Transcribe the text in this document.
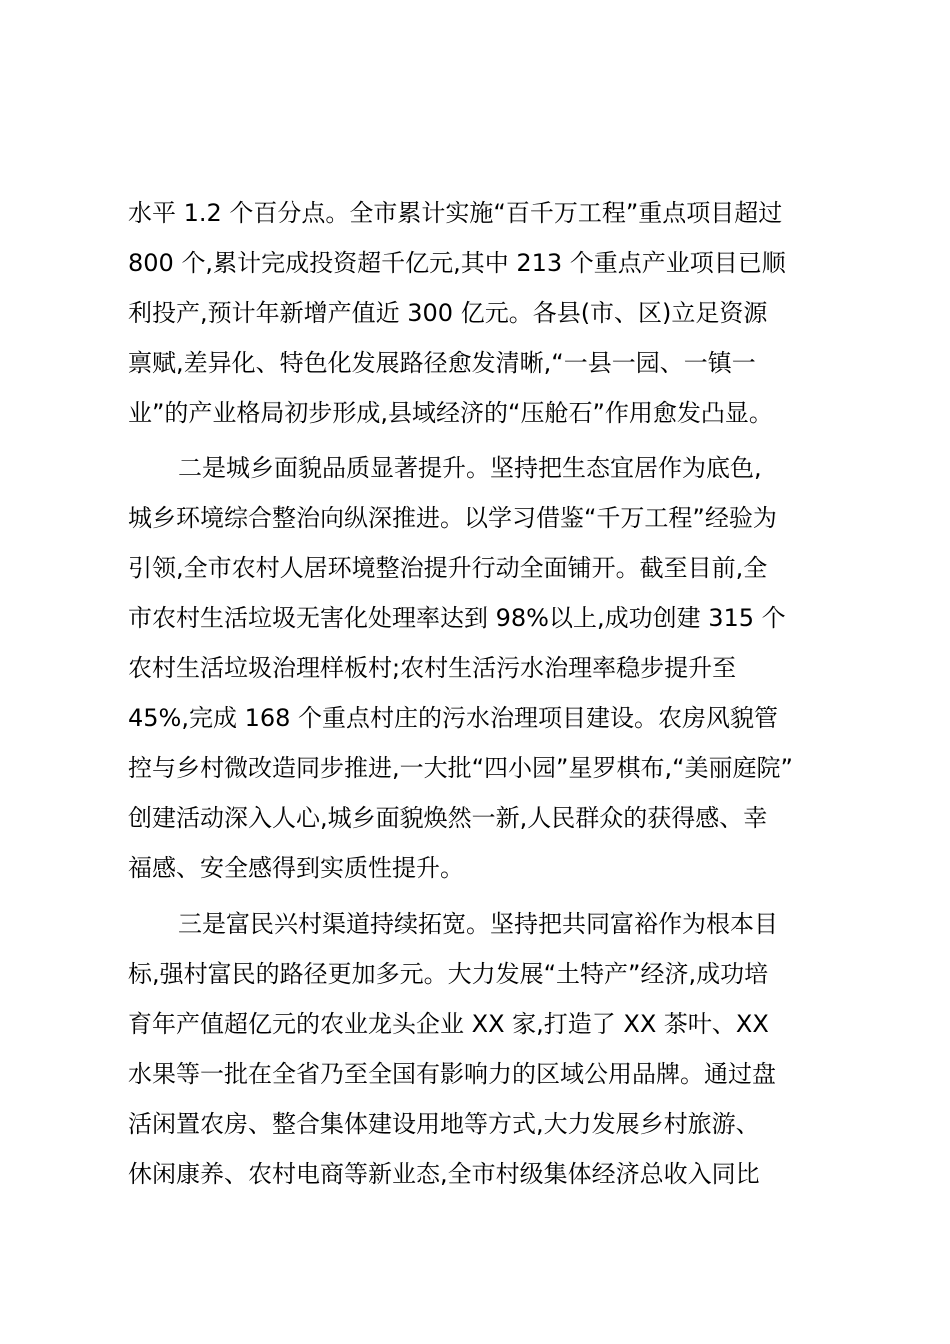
水平 1.2 个百分点。全市累计实施“百千万工程”重点项目超过
800 个,累计完成投资超千亿元,其中 213 个重点产业项目已顺
利投产,预计年新增产值近 300 亿元。各县(市、区)立足资源
禀赋,差异化、特色化发展路径愈发清晰,“一县一园、一镇一
业”的产业格局初步形成,县域经济的“压舱石”作用愈发凸显。
二是城乡面貌品质显著提升。坚持把生态宜居作为底色,
城乡环境综合整治向纵深推进。以学习借鉴“千万工程”经验为
引领,全市农村人居环境整治提升行动全面铺开。截至目前,全
市农村生活垃圾无害化处理率达到 98%以上,成功创建 315 个
农村生活垃圾治理样板村;农村生活污水治理率稳步提升至
45%,完成 168 个重点村庄的污水治理项目建设。农房风貌管
控与乡村微改造同步推进,一大批“四小园”星罗棋布,“美丽庭院”
创建活动深入人心,城乡面貌焕然一新,人民群众的获得感、幸
福感、安全感得到实质性提升。
三是富民兴村渠道持续拓宽。坚持把共同富裕作为根本目
标,强村富民的路径更加多元。大力发展“土特产”经济,成功培
育年产值超亿元的农业龙头企业 XX 家,打造了 XX 茶叶、XX
水果等一批在全省乃至全国有影响力的区域公用品牌。通过盘
活闲置农房、整合集体建设用地等方式,大力发展乡村旅游、
休闲康养、农村电商等新业态,全市村级集体经济总收入同比
